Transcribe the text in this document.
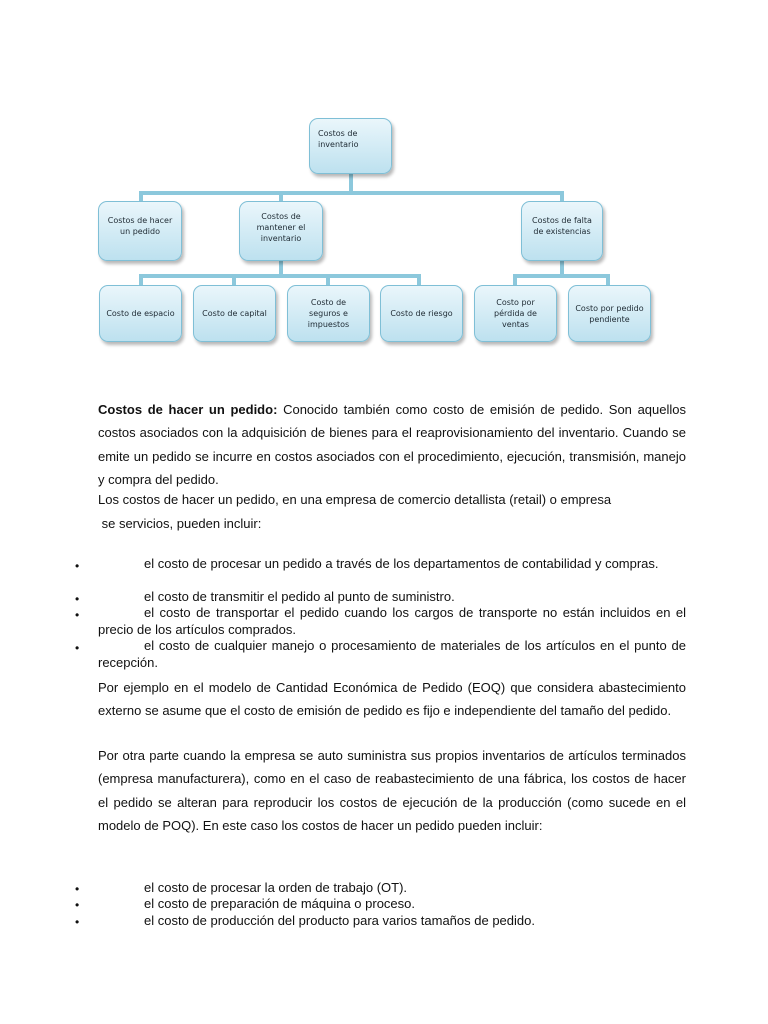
Costos de inventario
Costos de hacer un pedido
Costos de mantener el inventario
Costos de falta de existencias
Costo de espacio	Costo de capital
Costo de seguros e impuestos
Costo de riesgo
Costo por pérdida de ventas
Costo por pedido pendiente

Costos de hacer un pedido: Conocido también como costo de emisión de pedido. Son aquellos costos asociados con la adquisición de bienes para el reaprovisionamiento del inventario. Cuando se emite un pedido se incurre en costos asociados con el procedimiento, ejecución, transmisión, manejo y compra del pedido.

Los costos de hacer un pedido, en una empresa de comercio detallista (retail) o empresa
se servicios, pueden incluir:
•	el costo de procesar un pedido a través de los departamentos de contabilidad y compras.

•	el costo de transmitir el pedido al punto de suministro.

•	el costo de transportar el pedido cuando los cargos de transporte no están incluidos en el precio de los artículos comprados.

•	el costo de cualquier manejo o procesamiento de materiales de los artículos en el punto de recepción.

Por ejemplo en el modelo de Cantidad Económica de Pedido (EOQ) que considera abastecimiento externo se asume que el costo de emisión de pedido es fijo e independiente del tamaño del pedido.

Por otra parte cuando la empresa se auto suministra sus propios inventarios de artículos terminados (empresa manufacturera), como en el caso de reabastecimiento de una fábrica, los costos de hacer el pedido se alteran para reproducir los costos de ejecución de la producción (como sucede en el modelo de POQ). En este caso los costos de hacer un pedido pueden incluir:

•	el costo de procesar la orden de trabajo (OT).

•	el costo de preparación de máquina o proceso.

•	el costo de producción del producto para varios tamaños de pedido.
